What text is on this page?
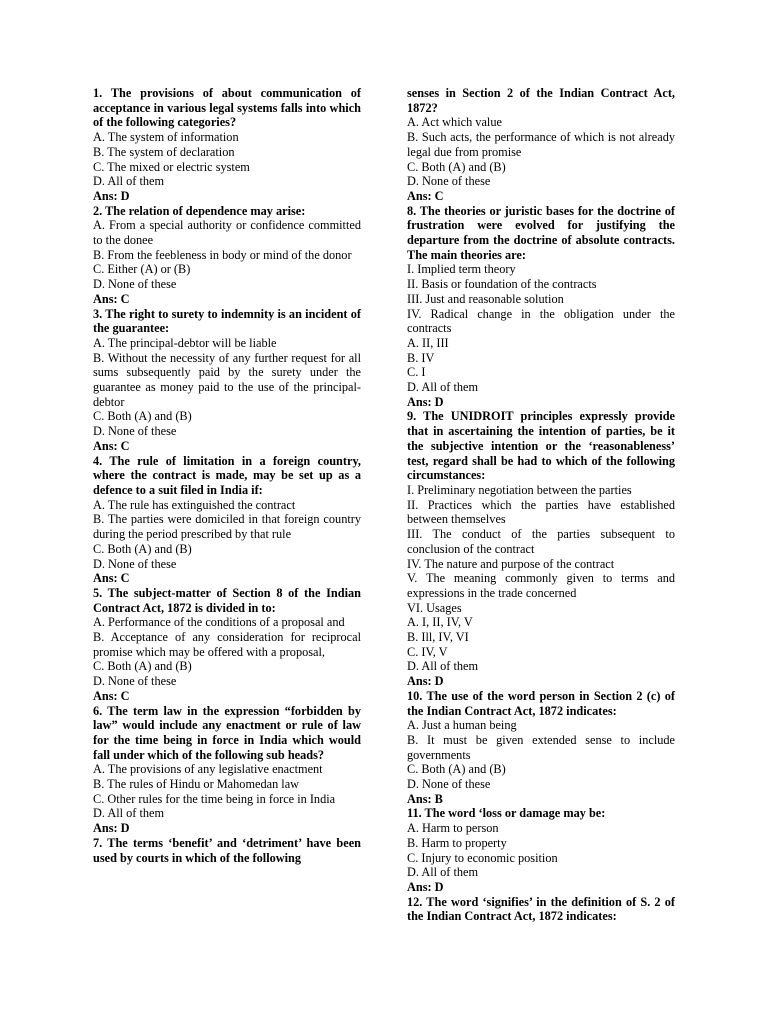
1. The provisions of about communication of acceptance in various legal systems falls into which of the following categories?

A. The system of information

B. The system of declaration

C. The mixed or electric system

D. All of them

Ans: D

2. The relation of dependence may arise:

A. From a special authority or confidence committed to the donee

B. From the feebleness in body or mind of the donor

C. Either (A) or (B)

D. None of these

Ans: C

3. The right to surety to indemnity is an incident of the guarantee:

A. The principal-debtor will be liable

B. Without the necessity of any further request for all sums subsequently paid by the surety under the guarantee as money paid to the use of the principal-debtor

C. Both (A) and (B)

D. None of these

Ans: C

4. The rule of limitation in a foreign country, where the contract is made, may be set up as a defence to a suit filed in India if:

A. The rule has extinguished the contract

B. The parties were domiciled in that foreign country during the period prescribed by that rule

C. Both (A) and (B)

D. None of these

Ans: C

5. The subject-matter of Section 8 of the Indian Contract Act, 1872 is divided in to:

A. Performance of the conditions of a proposal and

B. Acceptance of any consideration for reciprocal promise which may be offered with a proposal,

C. Both (A) and (B)

D. None of these

Ans: C

6. The term law in the expression “forbidden by law” would include any enactment or rule of law for the time being in force in India which would fall under which of the following sub heads?

A. The provisions of any legislative enactment

B. The rules of Hindu or Mahomedan law

C. Other rules for the time being in force in India

D. All of them

Ans: D

7. The terms ‘benefit’ and ‘detriment’ have been used by courts in which of the following

senses in Section 2 of the Indian Contract Act, 1872?

A. Act which value

B. Such acts, the performance of which is not already legal due from promise

C. Both (A) and (B)

D. None of these

Ans: C

8. The theories or juristic bases for the doctrine of frustration were evolved for justifying the departure from the doctrine of absolute contracts. The main theories are:

I. Implied term theory

II. Basis or foundation of the contracts

III. Just and reasonable solution

IV. Radical change in the obligation under the contracts

A. II, III

B. IV

C. I

D. All of them

Ans: D

9. The UNIDROIT principles expressly provide that in ascertaining the intention of parties, be it the subjective intention or the ‘reasonableness’ test, regard shall be had to which of the following circumstances:

I. Preliminary negotiation between the parties

II. Practices which the parties have established between themselves

III. The conduct of the parties subsequent to conclusion of the contract

IV. The nature and purpose of the contract

V. The meaning commonly given to terms and expressions in the trade concerned

VI. Usages

A. I, II, IV, V

B. Ill, IV, VI

C. IV, V

D. All of them

Ans: D

10. The use of the word person in Section 2 (c) of the Indian Contract Act, 1872 indicates:

A. Just a human being

B. It must be given extended sense to include governments

C. Both (A) and (B)

D. None of these

Ans: B

11. The word ‘loss or damage may be:

A. Harm to person

B. Harm to property

C. Injury to economic position

D. All of them

Ans: D

12. The word ‘signifies’ in the definition of S. 2 of the Indian Contract Act, 1872 indicates:
